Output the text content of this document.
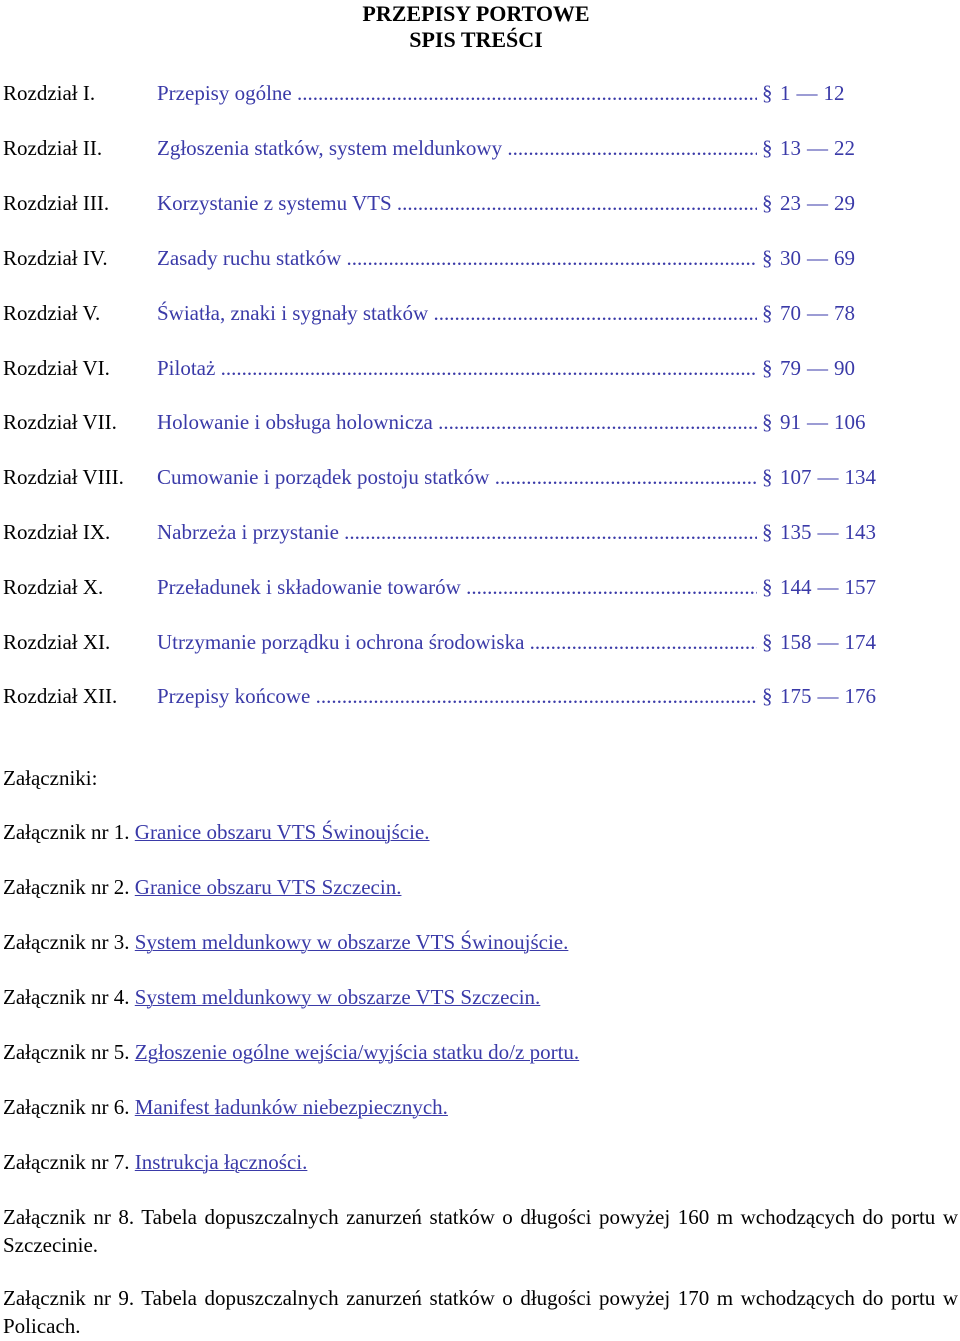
PRZEPISY PORTOWE
SPIS TREŚCI
Rozdział I.	Przepisy ogólne .....	§ 1 — 12
Rozdział II.	Zgłoszenia statków, system meldunkowy .....	§ 13 — 22
Rozdział III. Korzystanie z systemu VTS .....	§ 23 — 29
Rozdział IV. Zasady ruchu statków .....	§ 30 — 69
Rozdział V.	Światła, znaki i sygnały statków .....	§ 70 — 78
Rozdział VI. Pilotaż .....	§ 79 — 90
Rozdział VII. Holowanie i obsługa holownicza .....	§ 91 — 106
Rozdział VIII. Cumowanie i porządek postoju statków .....	§ 107 — 134
Rozdział IX. Nabrzeża i przystanie .....	§ 135 — 143
Rozdział X.	Przeładunek i składowanie towarów .....	§ 144 — 157
Rozdział XI. Utrzymanie porządku i ochrona środowiska .....	§ 158 — 174
Rozdział XII. Przepisy końcowe .....	§ 175 — 176
Załączniki:
Załącznik nr 1. Granice obszaru VTS Świnoujście.
Załącznik nr 2. Granice obszaru VTS Szczecin.
Załącznik nr 3. System meldunkowy w obszarze VTS Świnoujście.
Załącznik nr 4. System meldunkowy w obszarze VTS Szczecin.
Załącznik nr 5. Zgłoszenie ogólne wejścia/wyjścia statku do/z portu.
Załącznik nr 6. Manifest ładunków niebezpiecznych.
Załącznik nr 7. Instrukcja łączności.
Załącznik nr 8. Tabela dopuszczalnych zanurzeń statków o długości powyżej 160 m wchodzących do portu w Szczecinie.
Załącznik nr 9. Tabela dopuszczalnych zanurzeń statków o długości powyżej 170 m wchodzących do portu w Policach.
